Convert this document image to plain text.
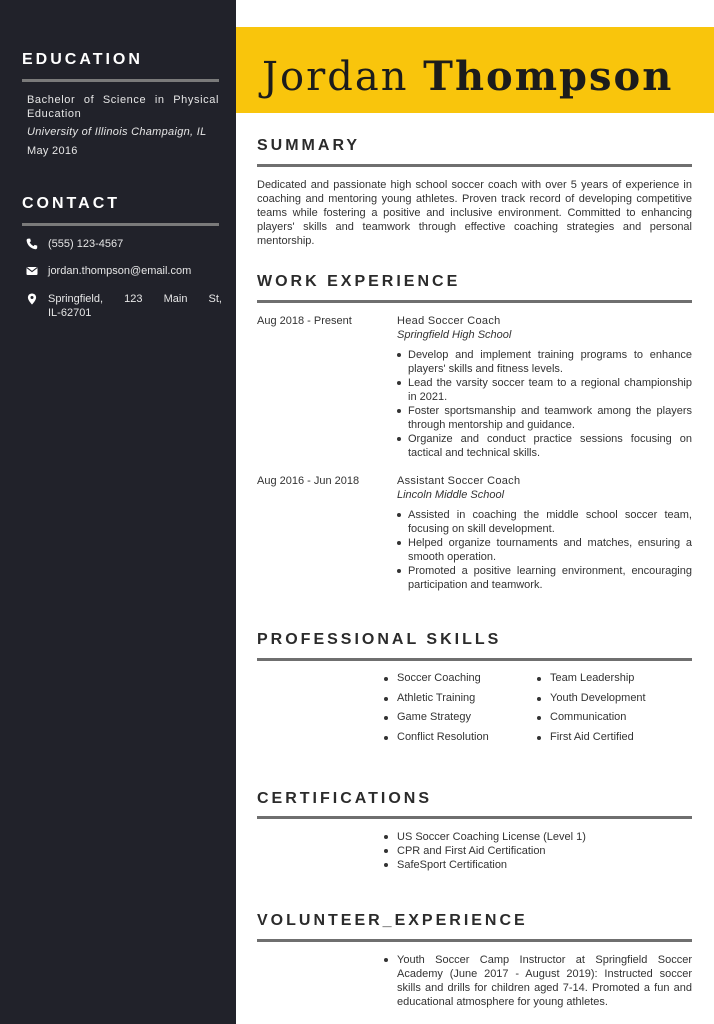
EDUCATION
Bachelor of Science in Physical Education
University of Illinois Champaign, IL
May 2016
CONTACT
(555) 123-4567
jordan.thompson@email.com
Springfield, 123 Main St, IL-62701
Jordan Thompson
SUMMARY
Dedicated and passionate high school soccer coach with over 5 years of experience in coaching and mentoring young athletes. Proven track record of developing competitive teams while fostering a positive and inclusive environment. Committed to enhancing players' skills and teamwork through effective coaching strategies and personal mentorship.
WORK EXPERIENCE
Aug 2018 - Present	Head Soccer Coach
Springfield High School
Develop and implement training programs to enhance players' skills and fitness levels.
Lead the varsity soccer team to a regional championship in 2021.
Foster sportsmanship and teamwork among the players through mentorship and guidance.
Organize and conduct practice sessions focusing on tactical and technical skills.
Aug 2016 - Jun 2018	Assistant Soccer Coach
Lincoln Middle School
Assisted in coaching the middle school soccer team, focusing on skill development.
Helped organize tournaments and matches, ensuring a smooth operation.
Promoted a positive learning environment, encouraging participation and teamwork.
PROFESSIONAL SKILLS
Soccer Coaching
Athletic Training
Game Strategy
Conflict Resolution
Team Leadership
Youth Development
Communication
First Aid Certified
CERTIFICATIONS
US Soccer Coaching License (Level 1)
CPR and First Aid Certification
SafeSport Certification
VOLUNTEER_EXPERIENCE
Youth Soccer Camp Instructor at Springfield Soccer Academy (June 2017 - August 2019): Instructed soccer skills and drills for children aged 7-14. Promoted a fun and educational atmosphere for young athletes.
